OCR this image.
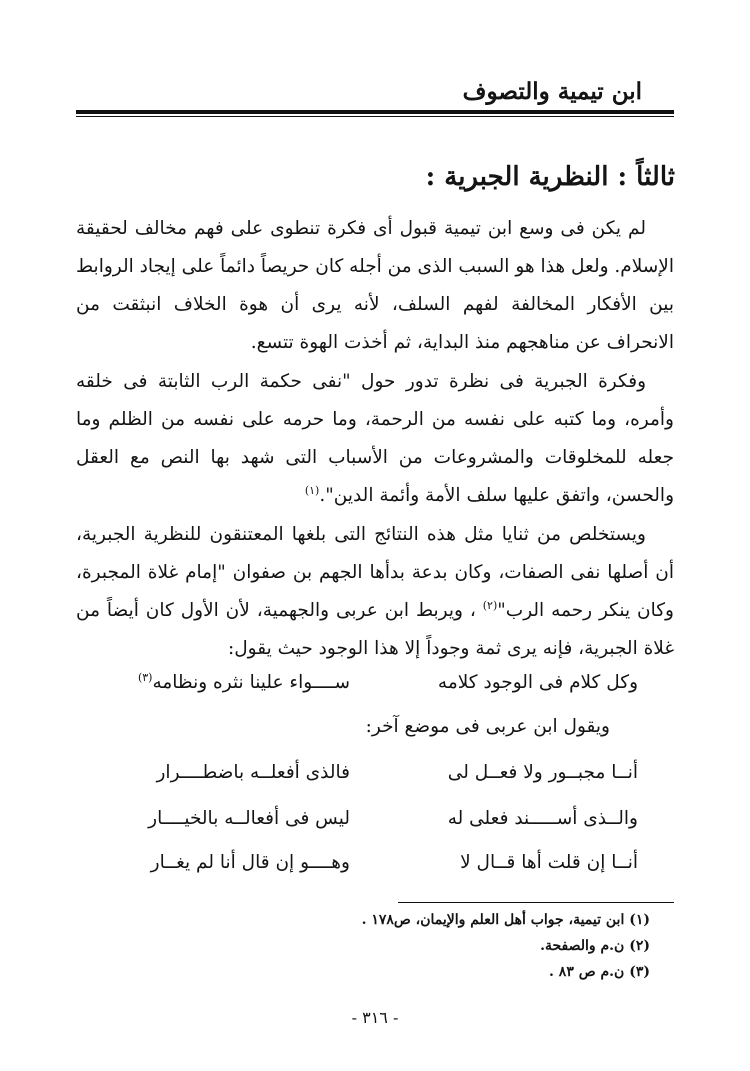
ابن تيمية والتصوف
ثالثاً : النظرية الجبرية :

لم يكن فى وسع ابن تيمية قبول أى فكرة تنطوى على فهم مخالف لحقيقة الإسلام. ولعل هذا هو السبب الذى من أجله كان حريصاً دائماً على إيجاد الروابط بين الأفكار المخالفة لفهم السلف، لأنه يرى أن هوة الخلاف انبثقت من الانحراف عن مناهجهم منذ البداية، ثم أخذت الهوة تتسع.

وفكرة الجبرية فى نظرة تدور حول "نفى حكمة الرب الثابتة فى خلقه وأمره، وما كتبه على نفسه من الرحمة، وما حرمه على نفسه من الظلم وما جعله للمخلوقات والمشروعات من الأسباب التى شهد بها النص مع العقل والحسن، واتفق عليها سلف الأمة وأئمة الدين".$^{(١)}$

ويستخلص من ثنايا مثل هذه النتائج التى بلغها المعتنقون للنظرية الجبرية، أن أصلها نفى الصفات، وكان بدعة بدأها الجهم بن صفوان "إمام غلاة المجبرة، وكان ينكر رحمه الرب"$^{(٢)}$ ، ويربط ابن عربى والجهمية، لأن الأول كان أيضاً من غلاة الجبرية، فإنه يرى ثمة وجوداً إلا هذا الوجود حيث يقول:

وكل كلام فى الوجود كلامه
ســــواء علينا نثره ونظامه$^{(٣)}$
ويقول ابن عربى فى موضع آخر:
أنــا مجبــور ولا فعــل لى
فالذى أفعلــه باضطــــرار
والــذى أســـــند فعلى له
ليس فى أفعالــه بالخيــــار
أنــا إن قلت أها قــال لا
وهــــو إن قال أنا لم يغــار
(١) ابن تيمية، جواب أهل العلم والإيمان، ص١٧٨ .
(٢) ن.م والصفحة.
(٣) ن.م ص ٨٣ .
- ٣١٦ -
